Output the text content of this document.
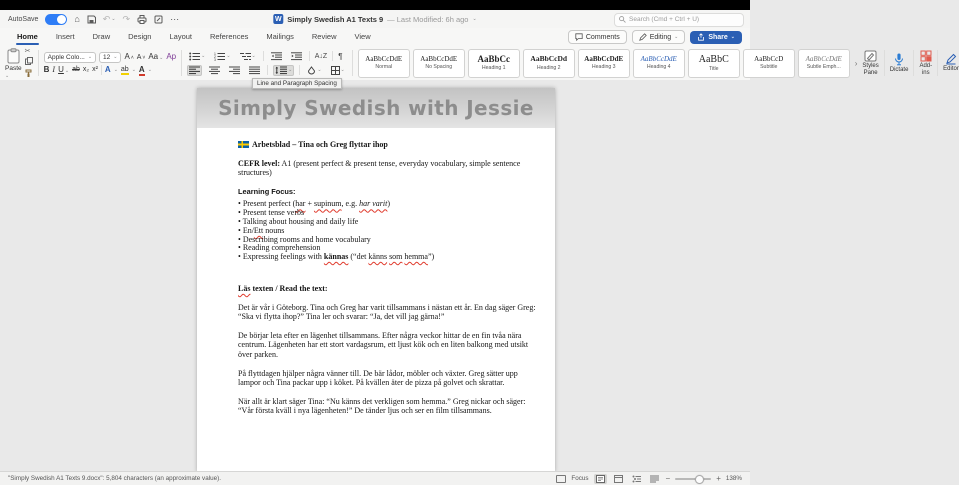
AutoSave	⌂	↶ ⌄ ↷	⋯	W Simply Swedish A1 Texts 9 — Last Modified: 6h ago ⌄	Search (Cmd + Ctrl + U)
Home	Insert	Draw	Design	Layout	References	Mailings	Review	View	Comments	Editing ⌄	Share ⌄
Paste ⌄
✂
Apple Colo... ⌄ 12 ⌄ A ˄ A ˅ Aa ⌄ Ap
B I U ⌄ ab x₂ x² A ⌄ ab ⌄ A ⌄
⌄	1
2
3
⌄	⌄	A↓Z ¶
⌄	⌄	⌄
AaBbCcDdE
Normal
AaBbCcDdE
No Spacing
AaBbCc
Heading 1
AaBbCcDd
Heading 2
AaBbCcDdE
Heading 3
AaBbCcDdE
Heading 4
AaBbC
Title
AaBbCcD
Subtitle
AaBbCcDdE
Subtle Emph... › Styles
Pane Dictate
Add-ins
Editor
Line and Paragraph Spacing
Simply Swedish with Jessie
Arbetsblad – Tina och Greg flyttar ihop
CEFR level: A1 (present perfect & present tense, everyday vocabulary, simple sentence structures)
Learning Focus:
• Present perfect (har + supinum, e.g. har varit)
• Present tense verbs
• Talking about housing and daily life
• En/Ett nouns
• Describing rooms and home vocabulary
• Reading comprehension
• Expressing feelings with kännas (“det känns som hemma”)
Läs texten / Read the text:
Det är vår i Göteborg. Tina och Greg har varit tillsammans i nästan ett år. En dag säger Greg: “Ska vi flytta ihop?” Tina ler och svarar: “Ja, det vill jag gärna!”
De börjar leta efter en lägenhet tillsammans. Efter några veckor hittar de en fin tvåa nära centrum. Lägenheten har ett stort vardagsrum, ett ljust kök och en liten balkong med utsikt över parken.
På flyttdagen hjälper några vänner till. De bär lådor, möbler och växter. Greg sätter upp lampor och Tina packar upp i köket. På kvällen äter de pizza på golvet och skrattar.
När allt är klart säger Tina: “Nu känns det verkligen som hemma.” Greg nickar och säger: “Vår första kväll i nya lägenheten!” De tänder ljus och ser en film tillsammans.
"Simply Swedish A1 Texts 9.docx": 5,804 characters (an approximate value).	Focus	−	+ 138%
